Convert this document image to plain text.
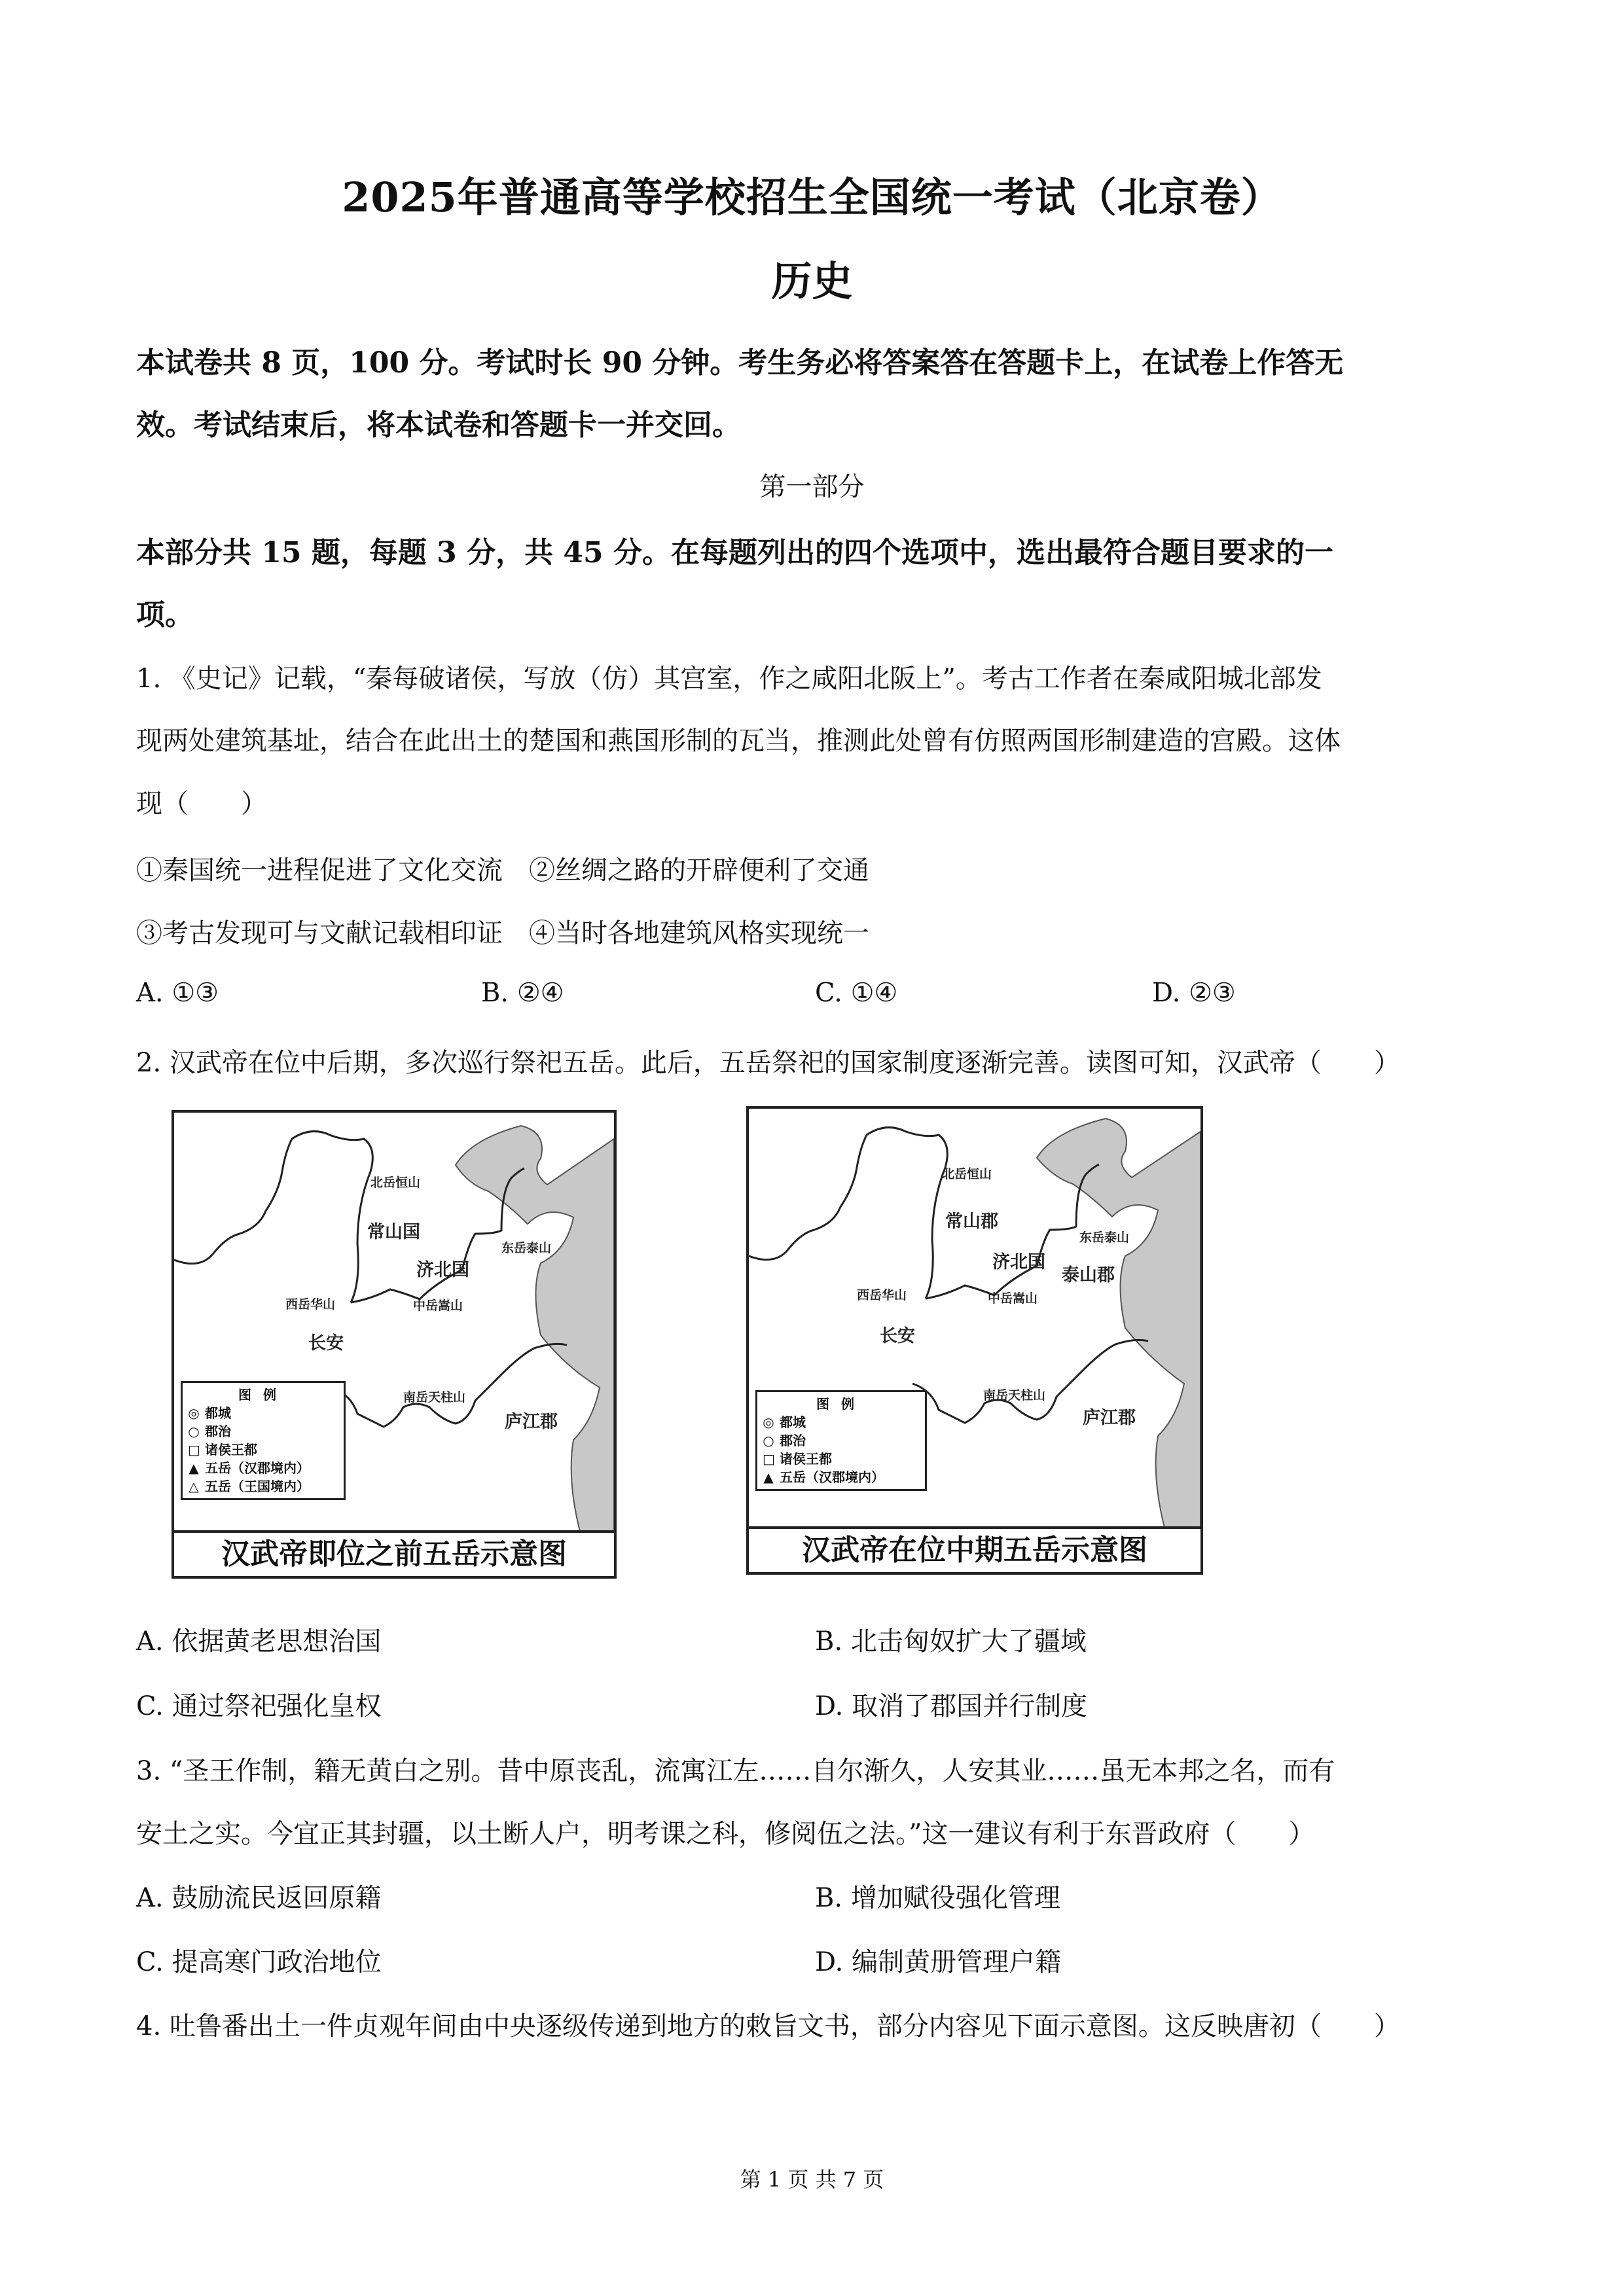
2025年普通高等学校招生全国统一考试（北京卷）
历史
本试卷共 8 页，100 分。考试时长 90 分钟。考生务必将答案答在答题卡上，在试卷上作答无
效。考试结束后，将本试卷和答题卡一并交回。
第一部分
本部分共 15 题，每题 3 分，共 45 分。在每题列出的四个选项中，选出最符合题目要求的一
项。
1. 《史记》记载，“秦每破诸侯，写放（仿）其宫室，作之咸阳北阪上”。考古工作者在秦咸阳城北部发
现两处建筑基址，结合在此出土的楚国和燕国形制的瓦当，推测此处曾有仿照两国形制建造的宫殿。这体
现（　　）
①秦国统一进程促进了文化交流　②丝绸之路的开辟便利了交通
③考古发现可与文献记载相印证　④当时各地建筑风格实现统一
A. ①③	B. ②④	C. ①④	D. ②③
2. 汉武帝在位中后期，多次巡行祭祀五岳。此后，五岳祭祀的国家制度逐渐完善。读图可知，汉武帝（　　）
北岳恒山
常山国
济北国
东岳泰山
西岳华山	中岳嵩山
长安
南岳天柱山
庐江郡
图例
◎ 都城
○ 郡治
□ 诸侯王都
▲ 五岳（汉郡境内）
△ 五岳（王国境内）
汉武帝即位之前五岳示意图
北岳恒山
常山郡
济北国
东岳泰山
泰山郡
西岳华山	中岳嵩山
长安
南岳天柱山
庐江郡
图例
◎ 都城
○ 郡治
□ 诸侯王都
▲ 五岳（汉郡境内）
汉武帝在位中期五岳示意图
A. 依据黄老思想治国	B. 北击匈奴扩大了疆域
C. 通过祭祀强化皇权	D. 取消了郡国并行制度
3. “圣王作制，籍无黄白之别。昔中原丧乱，流寓江左……自尔渐久，人安其业……虽无本邦之名，而有
安土之实。今宜正其封疆，以土断人户，明考课之科，修阅伍之法。”这一建议有利于东晋政府（　　）
A. 鼓励流民返回原籍	B. 增加赋役强化管理
C. 提高寒门政治地位	D. 编制黄册管理户籍
4. 吐鲁番出土一件贞观年间由中央逐级传递到地方的敕旨文书，部分内容见下面示意图。这反映唐初（　　）
第 1 页 共 7 页
